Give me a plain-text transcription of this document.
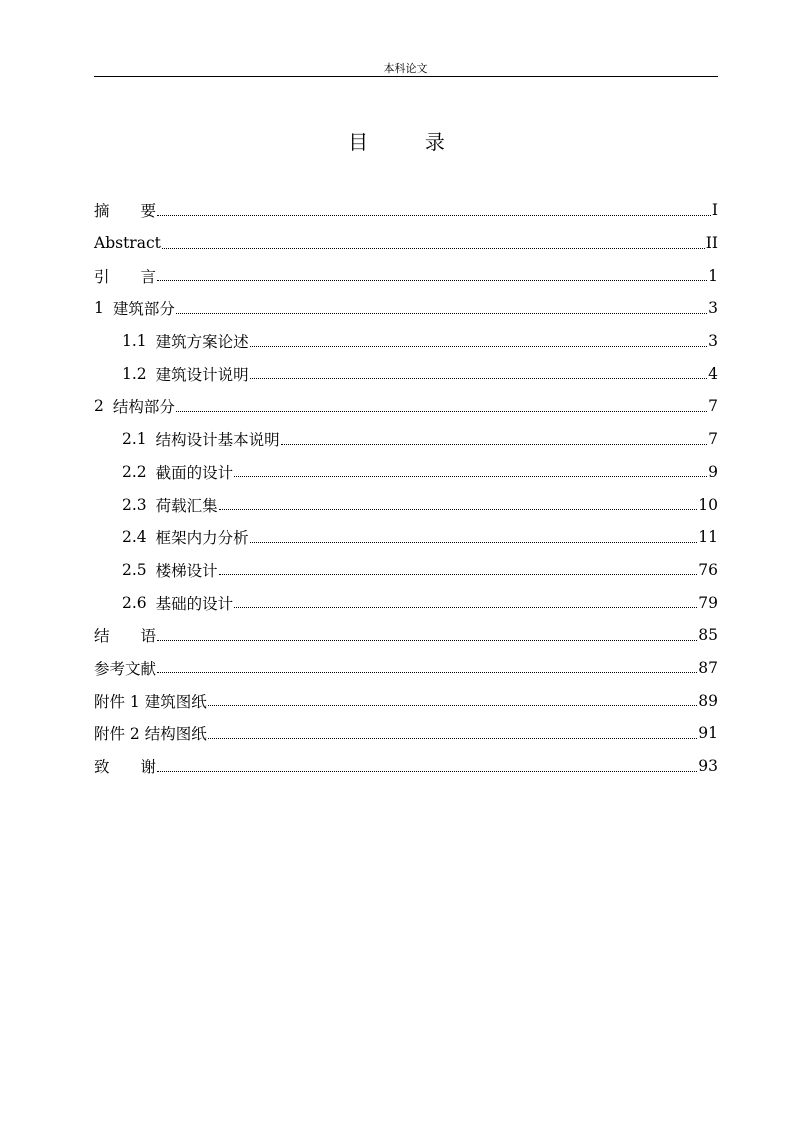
本科论文
目	录
摘　　要	I
Abstract	II
引　　言	1
1 建筑部分	3
1.1 建筑方案论述	3
1.2 建筑设计说明	4
2 结构部分	7
2.1 结构设计基本说明	7
2.2 截面的设计	9
2.3 荷载汇集	10
2.4 框架内力分析	11
2.5 楼梯设计	76
2.6 基础的设计	79
结　　语	85
参考文献	87
附件 1 建筑图纸	89
附件 2 结构图纸	91
致　　谢	93
